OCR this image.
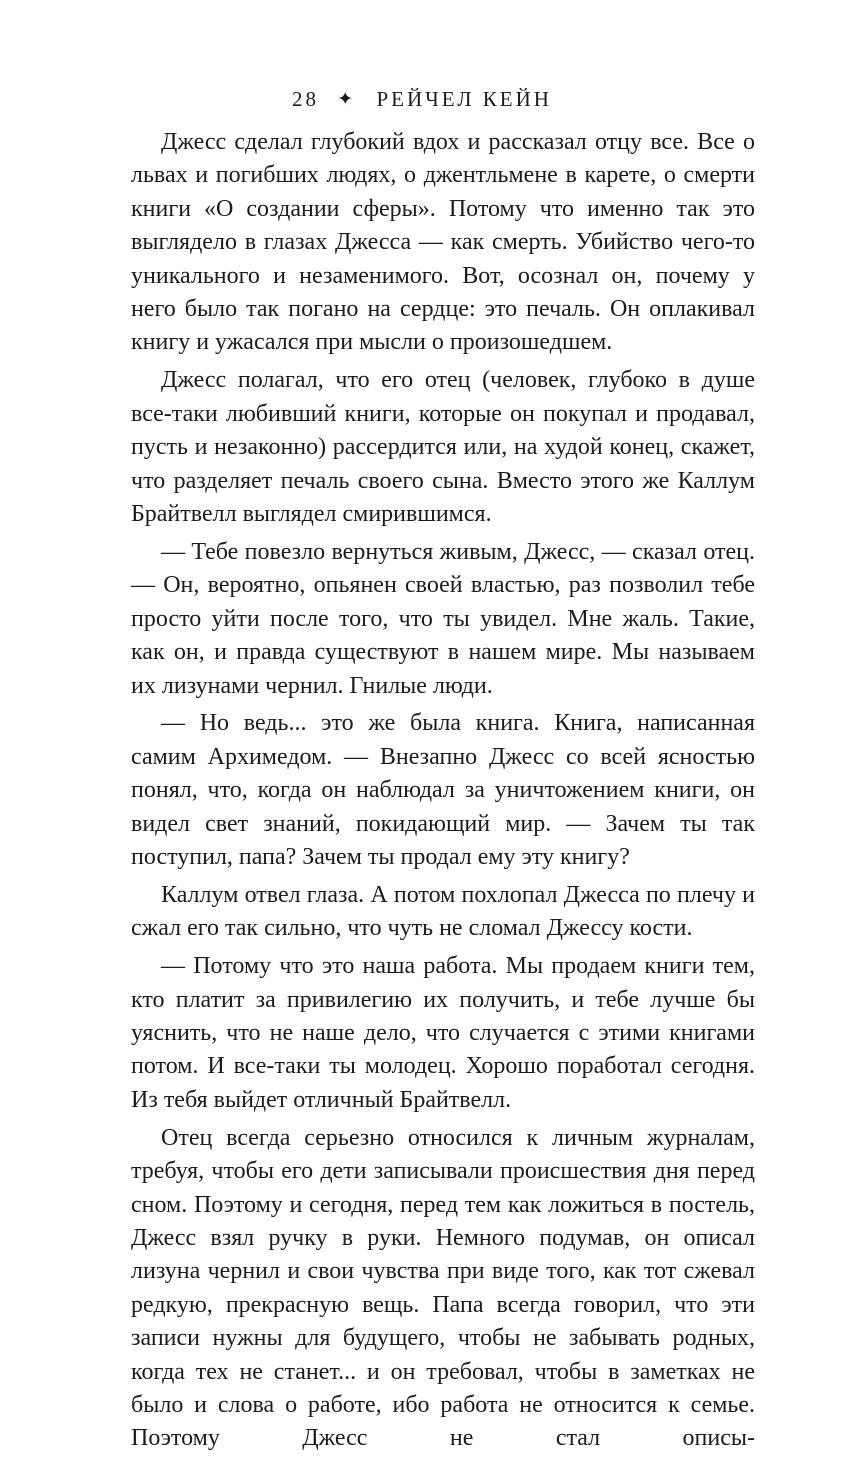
28 ✦ РЕЙЧЕЛ КЕЙН

Джесс сделал глубокий вдох и рассказал отцу все. Все о львах и погибших людях, о джентльмене в карете, о смерти книги «О создании сферы». Потому что именно так это выглядело в глазах Джесса — как смерть. Убийство чего-то уникального и незаменимого. Вот, осознал он, почему у него было так погано на сердце: это печаль. Он оплакивал книгу и ужасался при мысли о произошедшем.

Джесс полагал, что его отец (человек, глубоко в душе все-таки любивший книги, которые он покупал и продавал, пусть и незаконно) рассердится или, на худой конец, скажет, что разделяет печаль своего сына. Вместо этого же Каллум Брайтвелл выглядел смирившимся.

— Тебе повезло вернуться живым, Джесс, — сказал отец. — Он, вероятно, опьянен своей властью, раз позволил тебе просто уйти после того, что ты увидел. Мне жаль. Такие, как он, и правда существуют в нашем мире. Мы называем их лизунами чернил. Гнилые люди.

— Но ведь... это же была книга. Книга, написанная самим Архимедом. — Внезапно Джесс со всей ясностью понял, что, когда он наблюдал за уничтожением книги, он видел свет знаний, покидающий мир. — Зачем ты так поступил, папа? Зачем ты продал ему эту книгу?

Каллум отвел глаза. А потом похлопал Джесса по плечу и сжал его так сильно, что чуть не сломал Джессу кости.

— Потому что это наша работа. Мы продаем книги тем, кто платит за привилегию их получить, и тебе лучше бы уяснить, что не наше дело, что случается с этими книгами потом. И все-таки ты молодец. Хорошо поработал сегодня. Из тебя выйдет отличный Брайтвелл.

Отец всегда серьезно относился к личным журналам, требуя, чтобы его дети записывали происшествия дня перед сном. Поэтому и сегодня, перед тем как ложиться в постель, Джесс взял ручку в руки. Немного подумав, он описал лизуна чернил и свои чувства при виде того, как тот сжевал редкую, прекрасную вещь. Папа всегда говорил, что эти записи нужны для будущего, чтобы не забывать родных, когда тех не станет... и он требовал, чтобы в заметках не было и слова о работе, ибо работа не относится к семье. Поэтому Джесс не стал описы-
